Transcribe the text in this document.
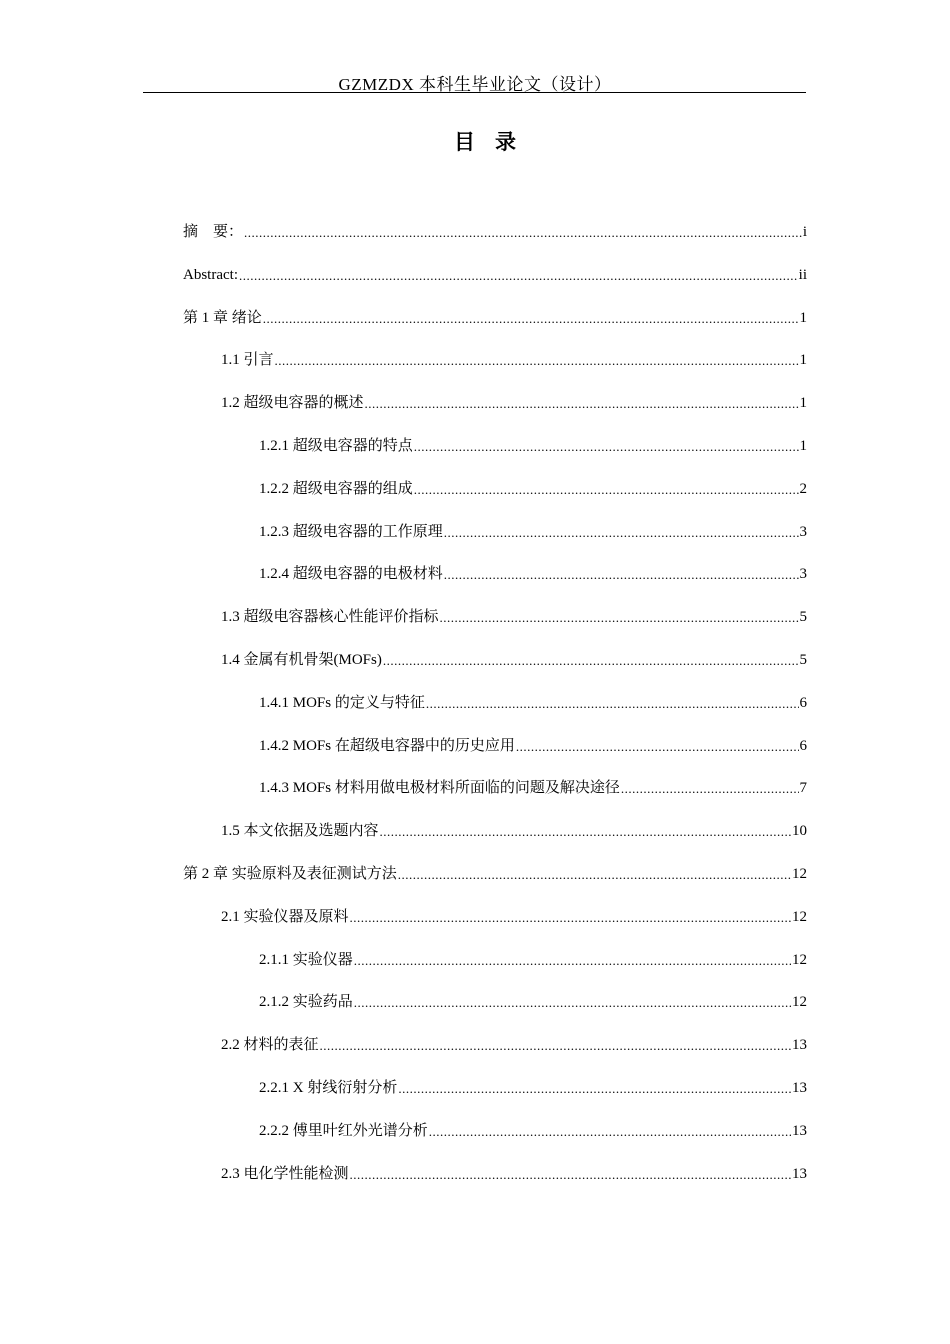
GZMZDX 本科生毕业论文（设计）
目录
摘　要： .....	i
Abstract: .....	ii
第 1 章 绪论 .....	1
1.1 引言 .....	1
1.2 超级电容器的概述 .....	1
1.2.1 超级电容器的特点 .....	1
1.2.2 超级电容器的组成 .....	2
1.2.3 超级电容器的工作原理 .....	3
1.2.4 超级电容器的电极材料 .....	3
1.3 超级电容器核心性能评价指标 .....	5
1.4 金属有机骨架(MOFs) .....	5
1.4.1 MOFs 的定义与特征 .....	6
1.4.2 MOFs 在超级电容器中的历史应用 .....	6
1.4.3 MOFs 材料用做电极材料所面临的问题及解决途径 .....	7
1.5 本文依据及选题内容 .....	10
第 2 章 实验原料及表征测试方法 .....	12
2.1 实验仪器及原料 .....	12
2.1.1 实验仪器 .....	12
2.1.2 实验药品 .....	12
2.2 材料的表征 .....	13
2.2.1 X 射线衍射分析 .....	13
2.2.2 傅里叶红外光谱分析 .....	13
2.3 电化学性能检测 .....	13
